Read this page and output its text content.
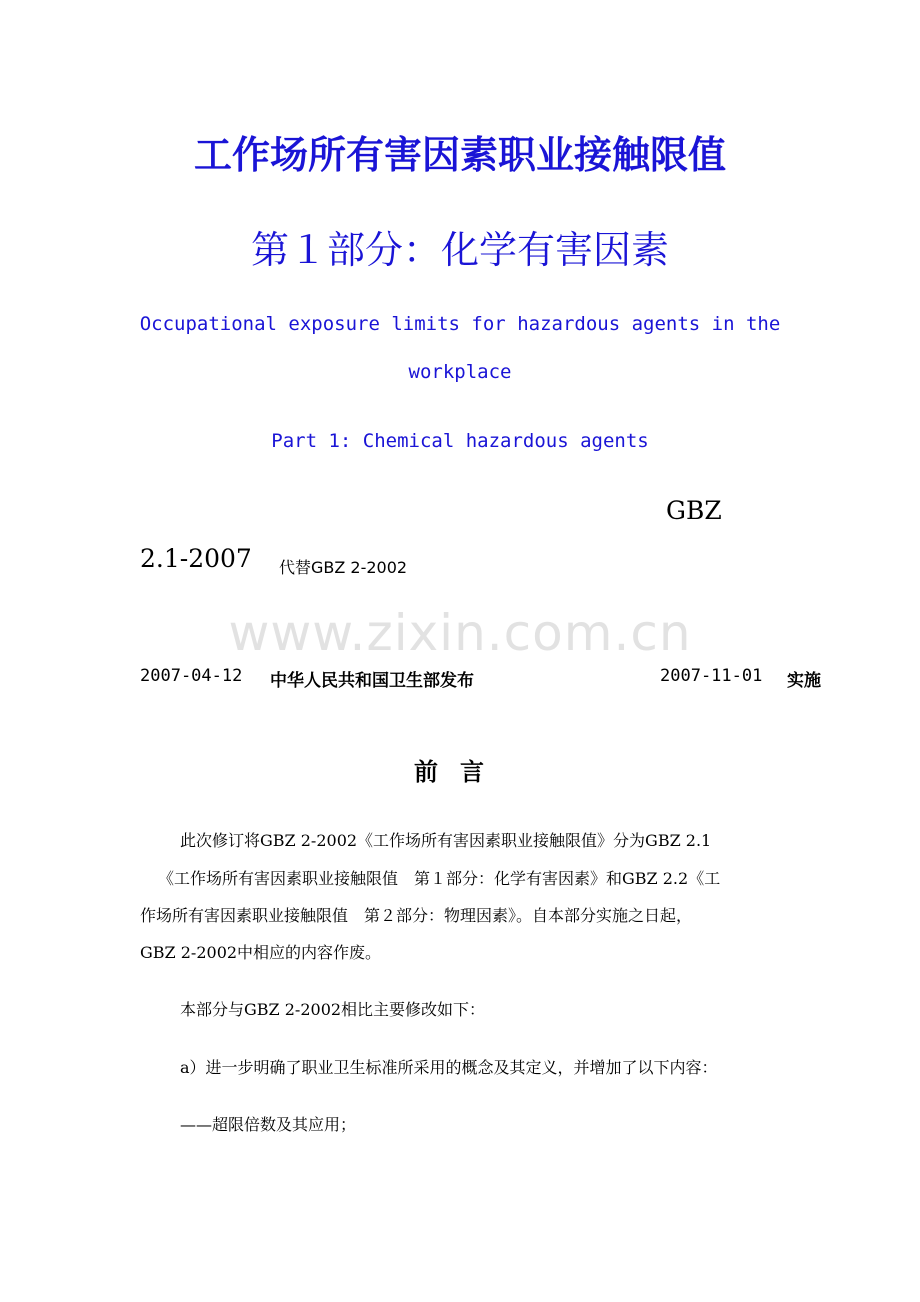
工作场所有害因素职业接触限值
第１部分：化学有害因素

Occupational exposure limits for hazardous agents in the

workplace

Part 1: Chemical hazardous agents

GBZ
2.1-2007 代替GBZ 2-2002
www.zixin.com.cn
2007-04-12 中华人民共和国卫生部发布	2007-11-01 实施
前言

此次修订将GBZ 2-2002《工作场所有害因素职业接触限值》分为GBZ 2.1

《工作场所有害因素职业接触限值　第１部分：化学有害因素》和GBZ 2.2《工

作场所有害因素职业接触限值　第２部分：物理因素》。自本部分实施之日起，

GBZ 2-2002中相应的内容作废。

本部分与GBZ 2-2002相比主要修改如下：

a）进一步明确了职业卫生标准所采用的概念及其定义，并增加了以下内容：

——超限倍数及其应用；
